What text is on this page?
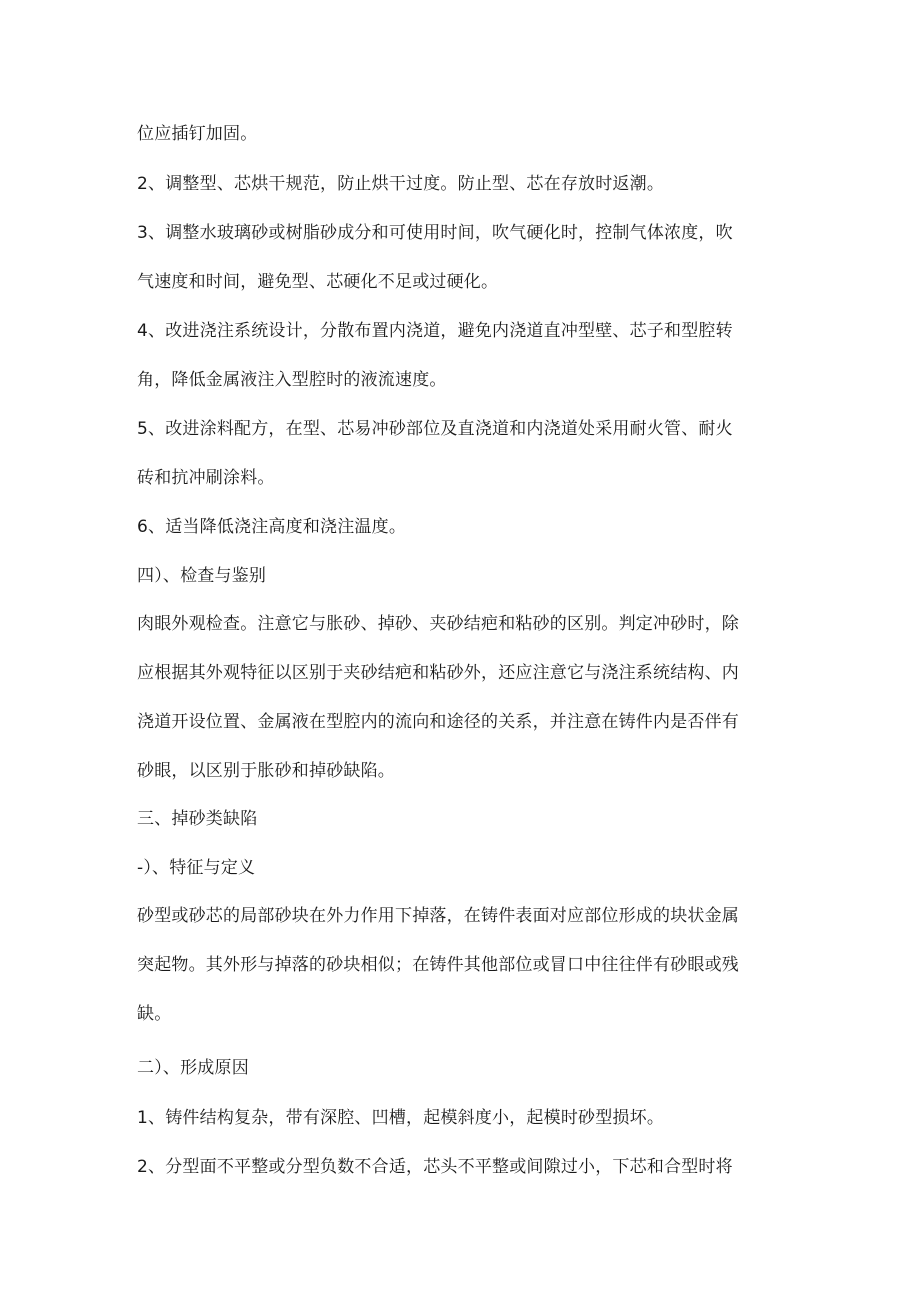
位应插钉加固。
2、调整型、芯烘干规范，防止烘干过度。防止型、芯在存放时返潮。
3、调整水玻璃砂或树脂砂成分和可使用时间，吹气硬化时，控制气体浓度，吹
气速度和时间，避免型、芯硬化不足或过硬化。
4、改进浇注系统设计，分散布置内浇道，避免内浇道直冲型壁、芯子和型腔转
角，降低金属液注入型腔时的液流速度。
5、改进涂料配方，在型、芯易冲砂部位及直浇道和内浇道处采用耐火管、耐火
砖和抗冲刷涂料。
6、适当降低浇注高度和浇注温度。
四）、检查与鉴别
肉眼外观检查。注意它与胀砂、掉砂、夹砂结疤和粘砂的区别。判定冲砂时，除
应根据其外观特征以区别于夹砂结疤和粘砂外，还应注意它与浇注系统结构、内
浇道开设位置、金属液在型腔内的流向和途径的关系，并注意在铸件内是否伴有
砂眼，以区别于胀砂和掉砂缺陷。
三、掉砂类缺陷
-）、特征与定义
砂型或砂芯的局部砂块在外力作用下掉落，在铸件表面对应部位形成的块状金属
突起物。其外形与掉落的砂块相似；在铸件其他部位或冒口中往往伴有砂眼或残
缺。
二）、形成原因
1、铸件结构复杂，带有深腔、凹槽，起模斜度小，起模时砂型损坏。
2、分型面不平整或分型负数不合适，芯头不平整或间隙过小，下芯和合型时将
